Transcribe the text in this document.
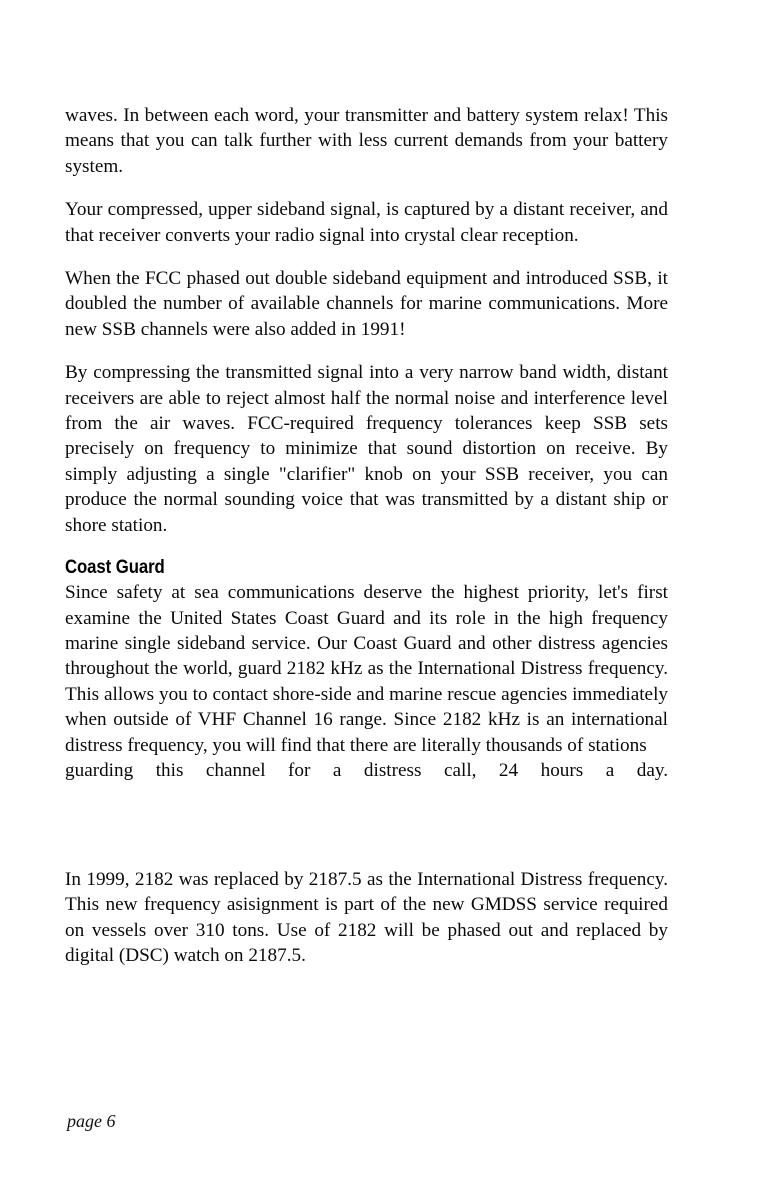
waves. In between each word, your transmitter and battery system relax! This means that you can talk further with less current demands from your battery system.

Your compressed, upper sideband signal, is captured by a distant receiver, and that receiver converts your radio signal into crystal clear reception.

When the FCC phased out double sideband equipment and introduced SSB, it doubled the number of available channels for marine communications. More new SSB channels were also added in 1991!

By compressing the transmitted signal into a very narrow band width, distant receivers are able to reject almost half the normal noise and interference level from the air waves. FCC-required frequency tolerances keep SSB sets precisely on frequency to minimize that sound distortion on receive. By simply adjusting a single "clarifier" knob on your SSB receiver, you can produce the normal sounding voice that was transmitted by a distant ship or shore station.

Coast Guard

Since safety at sea communications deserve the highest priority, let's first examine the United States Coast Guard and its role in the high frequency marine single sideband service. Our Coast Guard and other distress agencies throughout the world, guard 2182 kHz as the International Distress frequency. This allows you to contact shore-side and marine rescue agencies immediately when outside of VHF Channel 16 range. Since 2182 kHz is an international distress frequency, you will find that there are literally thousands of stations
guarding this channel for a distress call, 24 hours a day.

In 1999, 2182 was replaced by 2187.5 as the International Distress frequency. This new frequency asisignment is part of the new GMDSS service required on vessels over 310 tons. Use of 2182 will be phased out and replaced by digital (DSC) watch on 2187.5.

page 6
